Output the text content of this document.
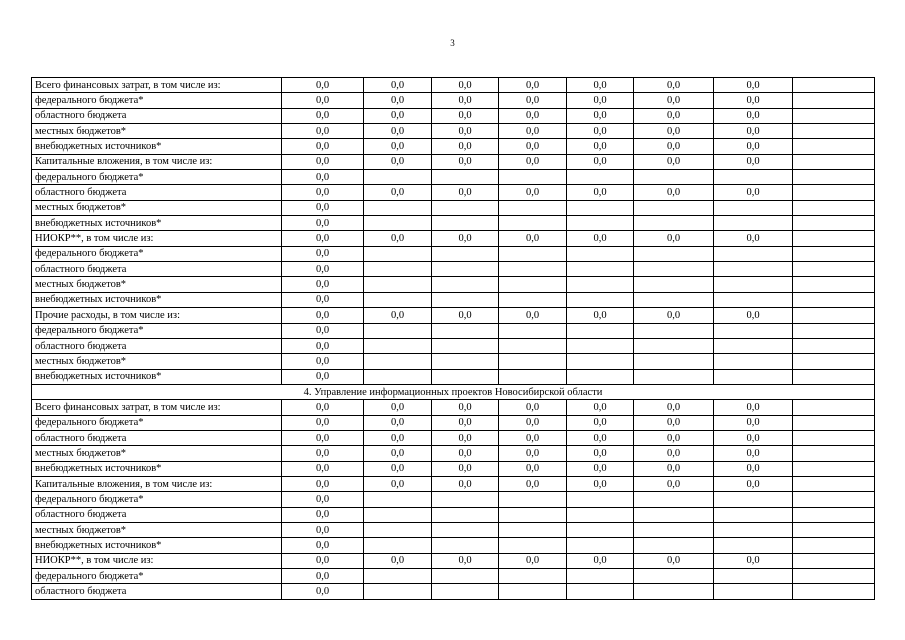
3
Всего финансовых затрат, в том числе из:	0,0	0,0	0,0	0,0	0,0	0,0	0,0	
федерального бюджета*	0,0	0,0	0,0	0,0	0,0	0,0	0,0	
областного бюджета	0,0	0,0	0,0	0,0	0,0	0,0	0,0	
местных бюджетов*	0,0	0,0	0,0	0,0	0,0	0,0	0,0	
внебюджетных источников*	0,0	0,0	0,0	0,0	0,0	0,0	0,0	
Капитальные вложения, в том числе из:	0,0	0,0	0,0	0,0	0,0	0,0	0,0	
федерального бюджета*	0,0							
областного бюджета	0,0	0,0	0,0	0,0	0,0	0,0	0,0	
местных бюджетов*	0,0							
внебюджетных источников*	0,0							
НИОКР**, в том числе из:	0,0	0,0	0,0	0,0	0,0	0,0	0,0	
федерального бюджета*	0,0							
областного бюджета	0,0							
местных бюджетов*	0,0							
внебюджетных источников*	0,0							
Прочие расходы, в том числе из:	0,0	0,0	0,0	0,0	0,0	0,0	0,0	
федерального бюджета*	0,0							
областного бюджета	0,0							
местных бюджетов*	0,0							
внебюджетных источников*	0,0							
4. Управление информационных проектов Новосибирской области								
Всего финансовых затрат, в том числе из:	0,0	0,0	0,0	0,0	0,0	0,0	0,0	
федерального бюджета*	0,0	0,0	0,0	0,0	0,0	0,0	0,0	
областного бюджета	0,0	0,0	0,0	0,0	0,0	0,0	0,0	
местных бюджетов*	0,0	0,0	0,0	0,0	0,0	0,0	0,0	
внебюджетных источников*	0,0	0,0	0,0	0,0	0,0	0,0	0,0	
Капитальные вложения, в том числе из:	0,0	0,0	0,0	0,0	0,0	0,0	0,0	
федерального бюджета*	0,0							
областного бюджета	0,0							
местных бюджетов*	0,0							
внебюджетных источников*	0,0							
НИОКР**, в том числе из:	0,0	0,0	0,0	0,0	0,0	0,0	0,0	
федерального бюджета*	0,0							
областного бюджета	0,0							
